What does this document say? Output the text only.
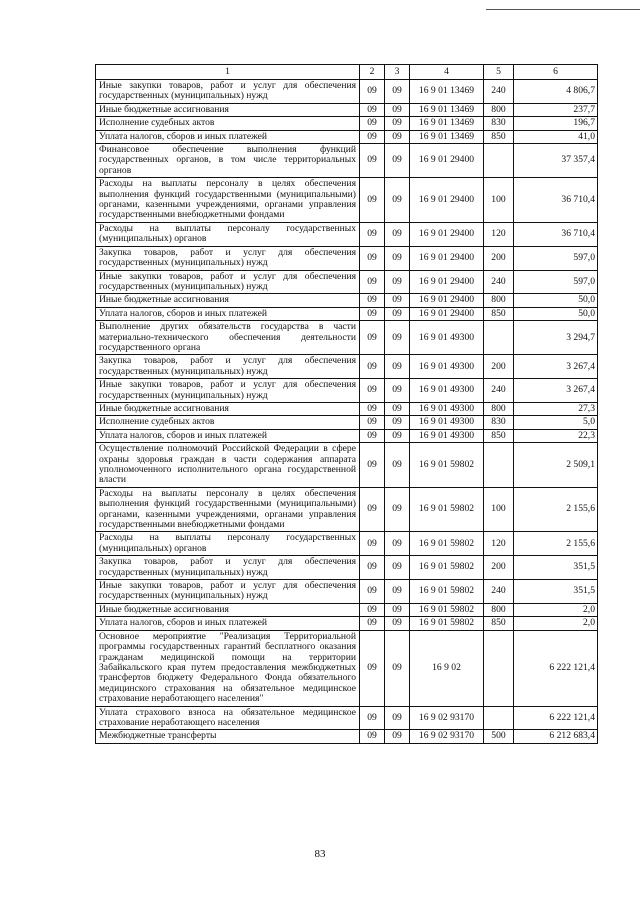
1	2	3	4	5	6
Иные закупки товаров, работ и услуг для обеспечения государственных (муниципальных) нужд	09	09	16 9 01 13469	240	4 806,7
Иные бюджетные ассигнования	09	09	16 9 01 13469	800	237,7
Исполнение судебных актов	09	09	16 9 01 13469	830	196,7
Уплата налогов, сборов и иных платежей	09	09	16 9 01 13469	850	41,0
Финансовое обеспечение выполнения функций государственных органов, в том числе территориальных органов	09	09	16 9 01 29400		37 357,4
Расходы на выплаты персоналу в целях обеспечения выполнения функций государственными (муниципальными) органами, казенными учреждениями, органами управления государственными внебюджетными фондами	09	09	16 9 01 29400	100	36 710,4
Расходы на выплаты персоналу государственных (муниципальных) органов	09	09	16 9 01 29400	120	36 710,4
Закупка товаров, работ и услуг для обеспечения государственных (муниципальных) нужд	09	09	16 9 01 29400	200	597,0
Иные закупки товаров, работ и услуг для обеспечения государственных (муниципальных) нужд	09	09	16 9 01 29400	240	597,0
Иные бюджетные ассигнования	09	09	16 9 01 29400	800	50,0
Уплата налогов, сборов и иных платежей	09	09	16 9 01 29400	850	50,0
Выполнение других обязательств государства в части материально-технического обеспечения деятельности государственного органа	09	09	16 9 01 49300		3 294,7
Закупка товаров, работ и услуг для обеспечения государственных (муниципальных) нужд	09	09	16 9 01 49300	200	3 267,4
Иные закупки товаров, работ и услуг для обеспечения государственных (муниципальных) нужд	09	09	16 9 01 49300	240	3 267,4
Иные бюджетные ассигнования	09	09	16 9 01 49300	800	27,3
Исполнение судебных актов	09	09	16 9 01 49300	830	5,0
Уплата налогов, сборов и иных платежей	09	09	16 9 01 49300	850	22,3
Осуществление полномочий Российской Федерации в сфере охраны здоровья граждан в части содержания аппарата уполномоченного исполнительного органа государственной власти	09	09	16 9 01 59802		2 509,1
Расходы на выплаты персоналу в целях обеспечения выполнения функций государственными (муниципальными) органами, казенными учреждениями, органами управления государственными внебюджетными фондами	09	09	16 9 01 59802	100	2 155,6
Расходы на выплаты персоналу государственных (муниципальных) органов	09	09	16 9 01 59802	120	2 155,6
Закупка товаров, работ и услуг для обеспечения государственных (муниципальных) нужд	09	09	16 9 01 59802	200	351,5
Иные закупки товаров, работ и услуг для обеспечения государственных (муниципальных) нужд	09	09	16 9 01 59802	240	351,5
Иные бюджетные ассигнования	09	09	16 9 01 59802	800	2,0
Уплата налогов, сборов и иных платежей	09	09	16 9 01 59802	850	2,0
Основное мероприятие "Реализация Территориальной программы государственных гарантий бесплатного оказания гражданам медицинской помощи на территории Забайкальского края путем предоставления межбюджетных трансфертов бюджету Федерального Фонда обязательного медицинского страхования на обязательное медицинское страхование неработающего населения"	09	09	16 9 02		6 222 121,4
Уплата страхового взноса на обязательное медицинское страхование неработающего населения	09	09	16 9 02 93170		6 222 121,4
Межбюджетные трансферты	09	09	16 9 02 93170	500	6 212 683,4
83
